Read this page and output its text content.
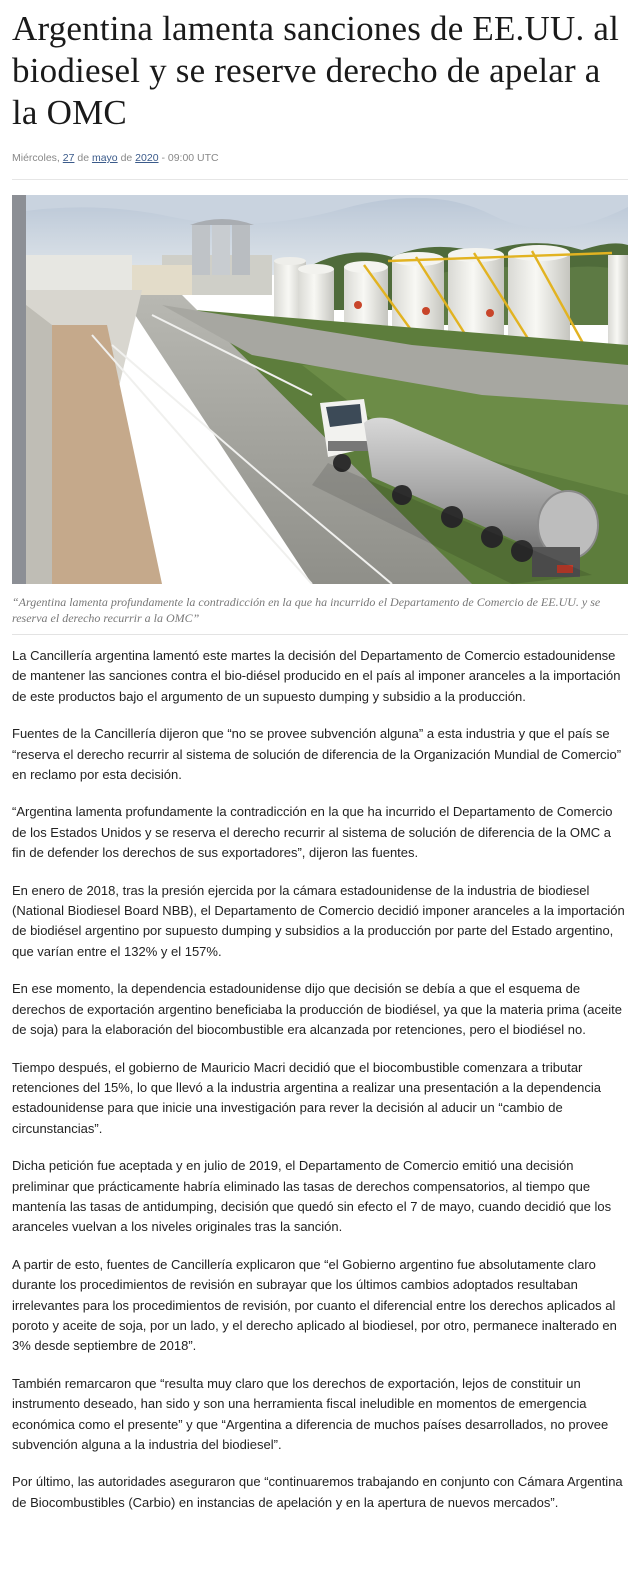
Argentina lamenta sanciones de EE.UU. al biodiesel y se reserve derecho de apelar a la OMC
Miércoles, 27 de mayo de 2020 - 09:00 UTC
“Argentina lamenta profundamente la contradicción en la que ha incurrido el Departamento de Comercio de EE.UU. y se reserva el derecho recurrir a la OMC”

La Cancillería argentina lamentó este martes la decisión del Departamento de Comercio estadounidense de mantener las sanciones contra el bio-diésel producido en el país al imponer aranceles a la importación de este productos bajo el argumento de un supuesto dumping y subsidio a la producción.

Fuentes de la Cancillería dijeron que “no se provee subvención alguna” a esta industria y que el país se “reserva el derecho recurrir al sistema de solución de diferencia de la Organización Mundial de Comercio” en reclamo por esta decisión.

“Argentina lamenta profundamente la contradicción en la que ha incurrido el Departamento de Comercio de los Estados Unidos y se reserva el derecho recurrir al sistema de solución de diferencia de la OMC a fin de defender los derechos de sus exportadores”, dijeron las fuentes.

En enero de 2018, tras la presión ejercida por la cámara estadounidense de la industria de biodiesel (National Biodiesel Board NBB), el Departamento de Comercio decidió imponer aranceles a la importación de biodiésel argentino por supuesto dumping y subsidios a la producción por parte del Estado argentino, que varían entre el 132% y el 157%.

En ese momento, la dependencia estadounidense dijo que decisión se debía a que el esquema de derechos de exportación argentino beneficiaba la producción de biodiésel, ya que la materia prima (aceite de soja) para la elaboración del biocombustible era alcanzada por retenciones, pero el biodiésel no.

Tiempo después, el gobierno de Mauricio Macri decidió que el biocombustible comenzara a tributar retenciones del 15%, lo que llevó a la industria argentina a realizar una presentación a la dependencia estadounidense para que inicie una investigación para rever la decisión al aducir un “cambio de circunstancias”.

Dicha petición fue aceptada y en julio de 2019, el Departamento de Comercio emitió una decisión preliminar que prácticamente habría eliminado las tasas de derechos compensatorios, al tiempo que mantenía las tasas de antidumping, decisión que quedó sin efecto el 7 de mayo, cuando decidió que los aranceles vuelvan a los niveles originales tras la sanción.

A partir de esto, fuentes de Cancillería explicaron que “el Gobierno argentino fue absolutamente claro durante los procedimientos de revisión en subrayar que los últimos cambios adoptados resultaban irrelevantes para los procedimientos de revisión, por cuanto el diferencial entre los derechos aplicados al poroto y aceite de soja, por un lado, y el derecho aplicado al biodiesel, por otro, permanece inalterado en 3% desde septiembre de 2018”.

También remarcaron que “resulta muy claro que los derechos de exportación, lejos de constituir un instrumento deseado, han sido y son una herramienta fiscal ineludible en momentos de emergencia económica como el presente” y que “Argentina a diferencia de muchos países desarrollados, no provee subvención alguna a la industria del biodiesel”.

Por último, las autoridades aseguraron que “continuaremos trabajando en conjunto con Cámara Argentina de Biocombustibles (Carbio) en instancias de apelación y en la apertura de nuevos mercados”.
